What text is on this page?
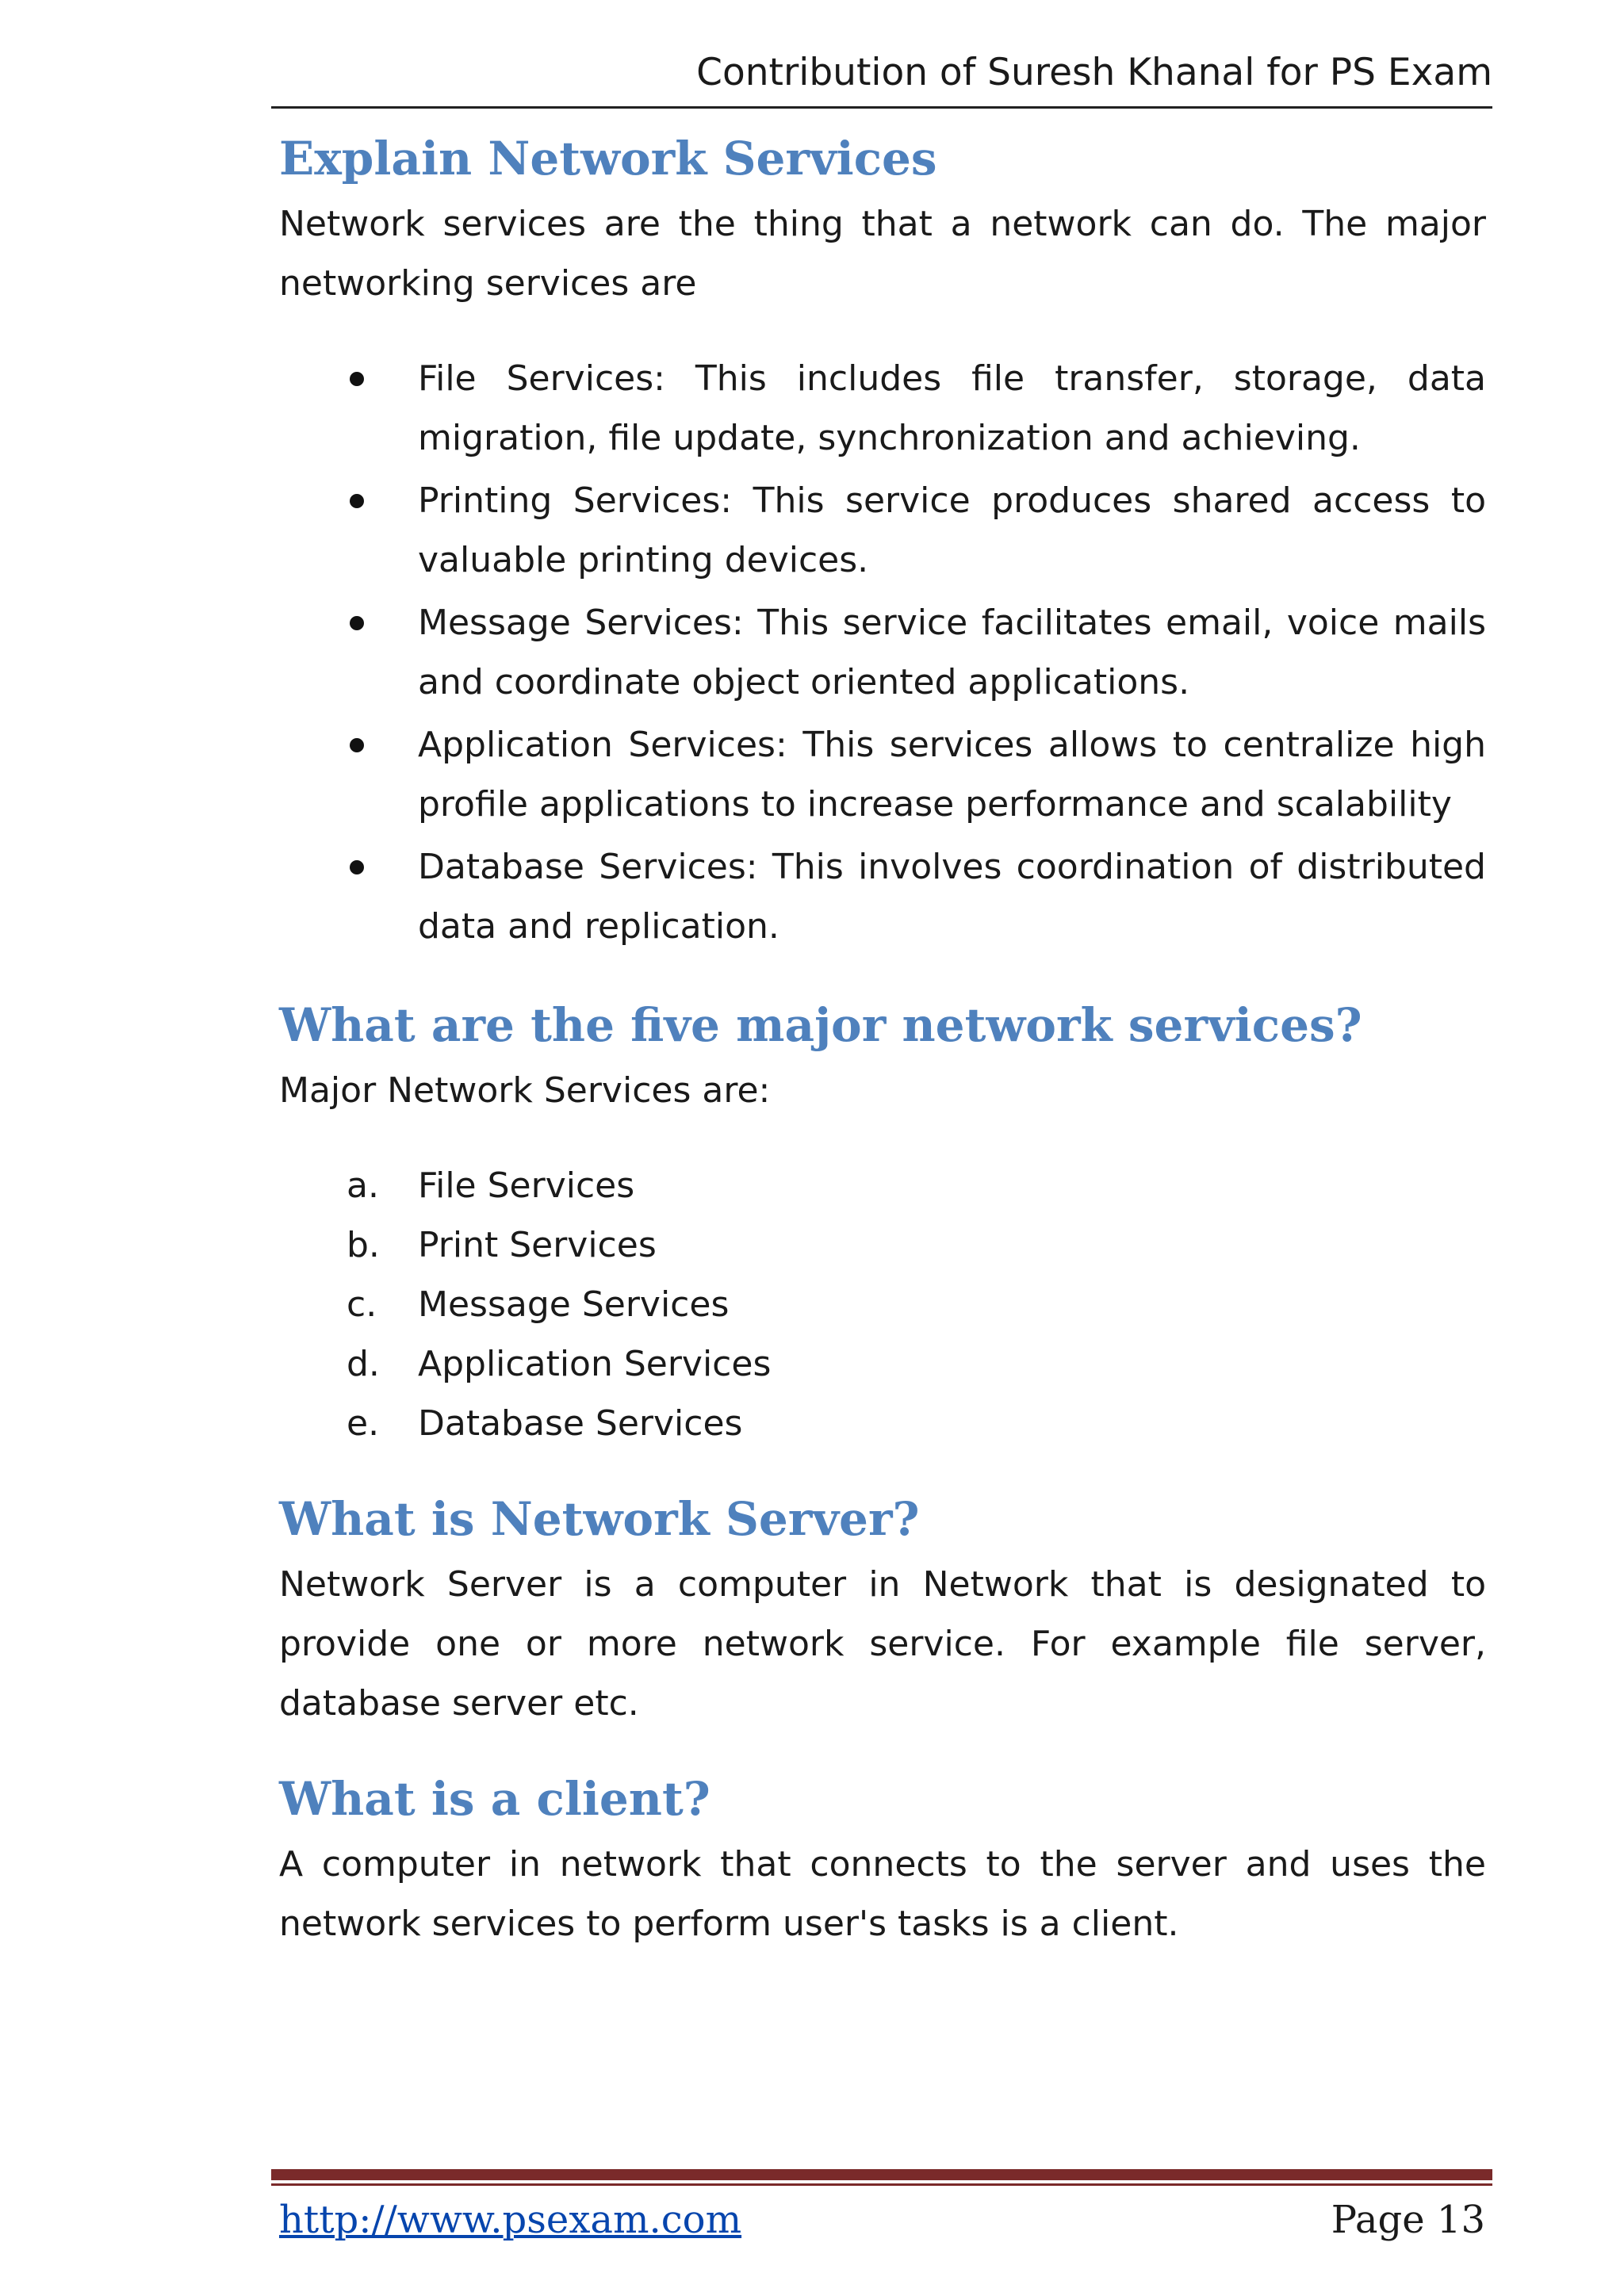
Contribution of Suresh Khanal for PS Exam
Explain Network Services

Network services are the thing that a network can do. The major networking services are

File Services: This includes file transfer, storage, data migration, file update, synchronization and achieving.
Printing Services: This service produces shared access to valuable printing devices.
Message Services: This service facilitates email, voice mails and coordinate object oriented applications.
Application Services: This services allows to centralize high profile applications to increase performance and scalability
Database Services: This involves coordination of distributed data and replication.
What are the five major network services?

Major Network Services are:

a. File Services
b. Print Services
c. Message Services
d. Application Services
e. Database Services
What is Network Server?

Network Server is a computer in Network that is designated to provide one or more network service. For example file server, database server etc.

What is a client?

A computer in network that connects to the server and uses the network services to perform user's tasks is a client.

http://www.psexam.com	Page 13
